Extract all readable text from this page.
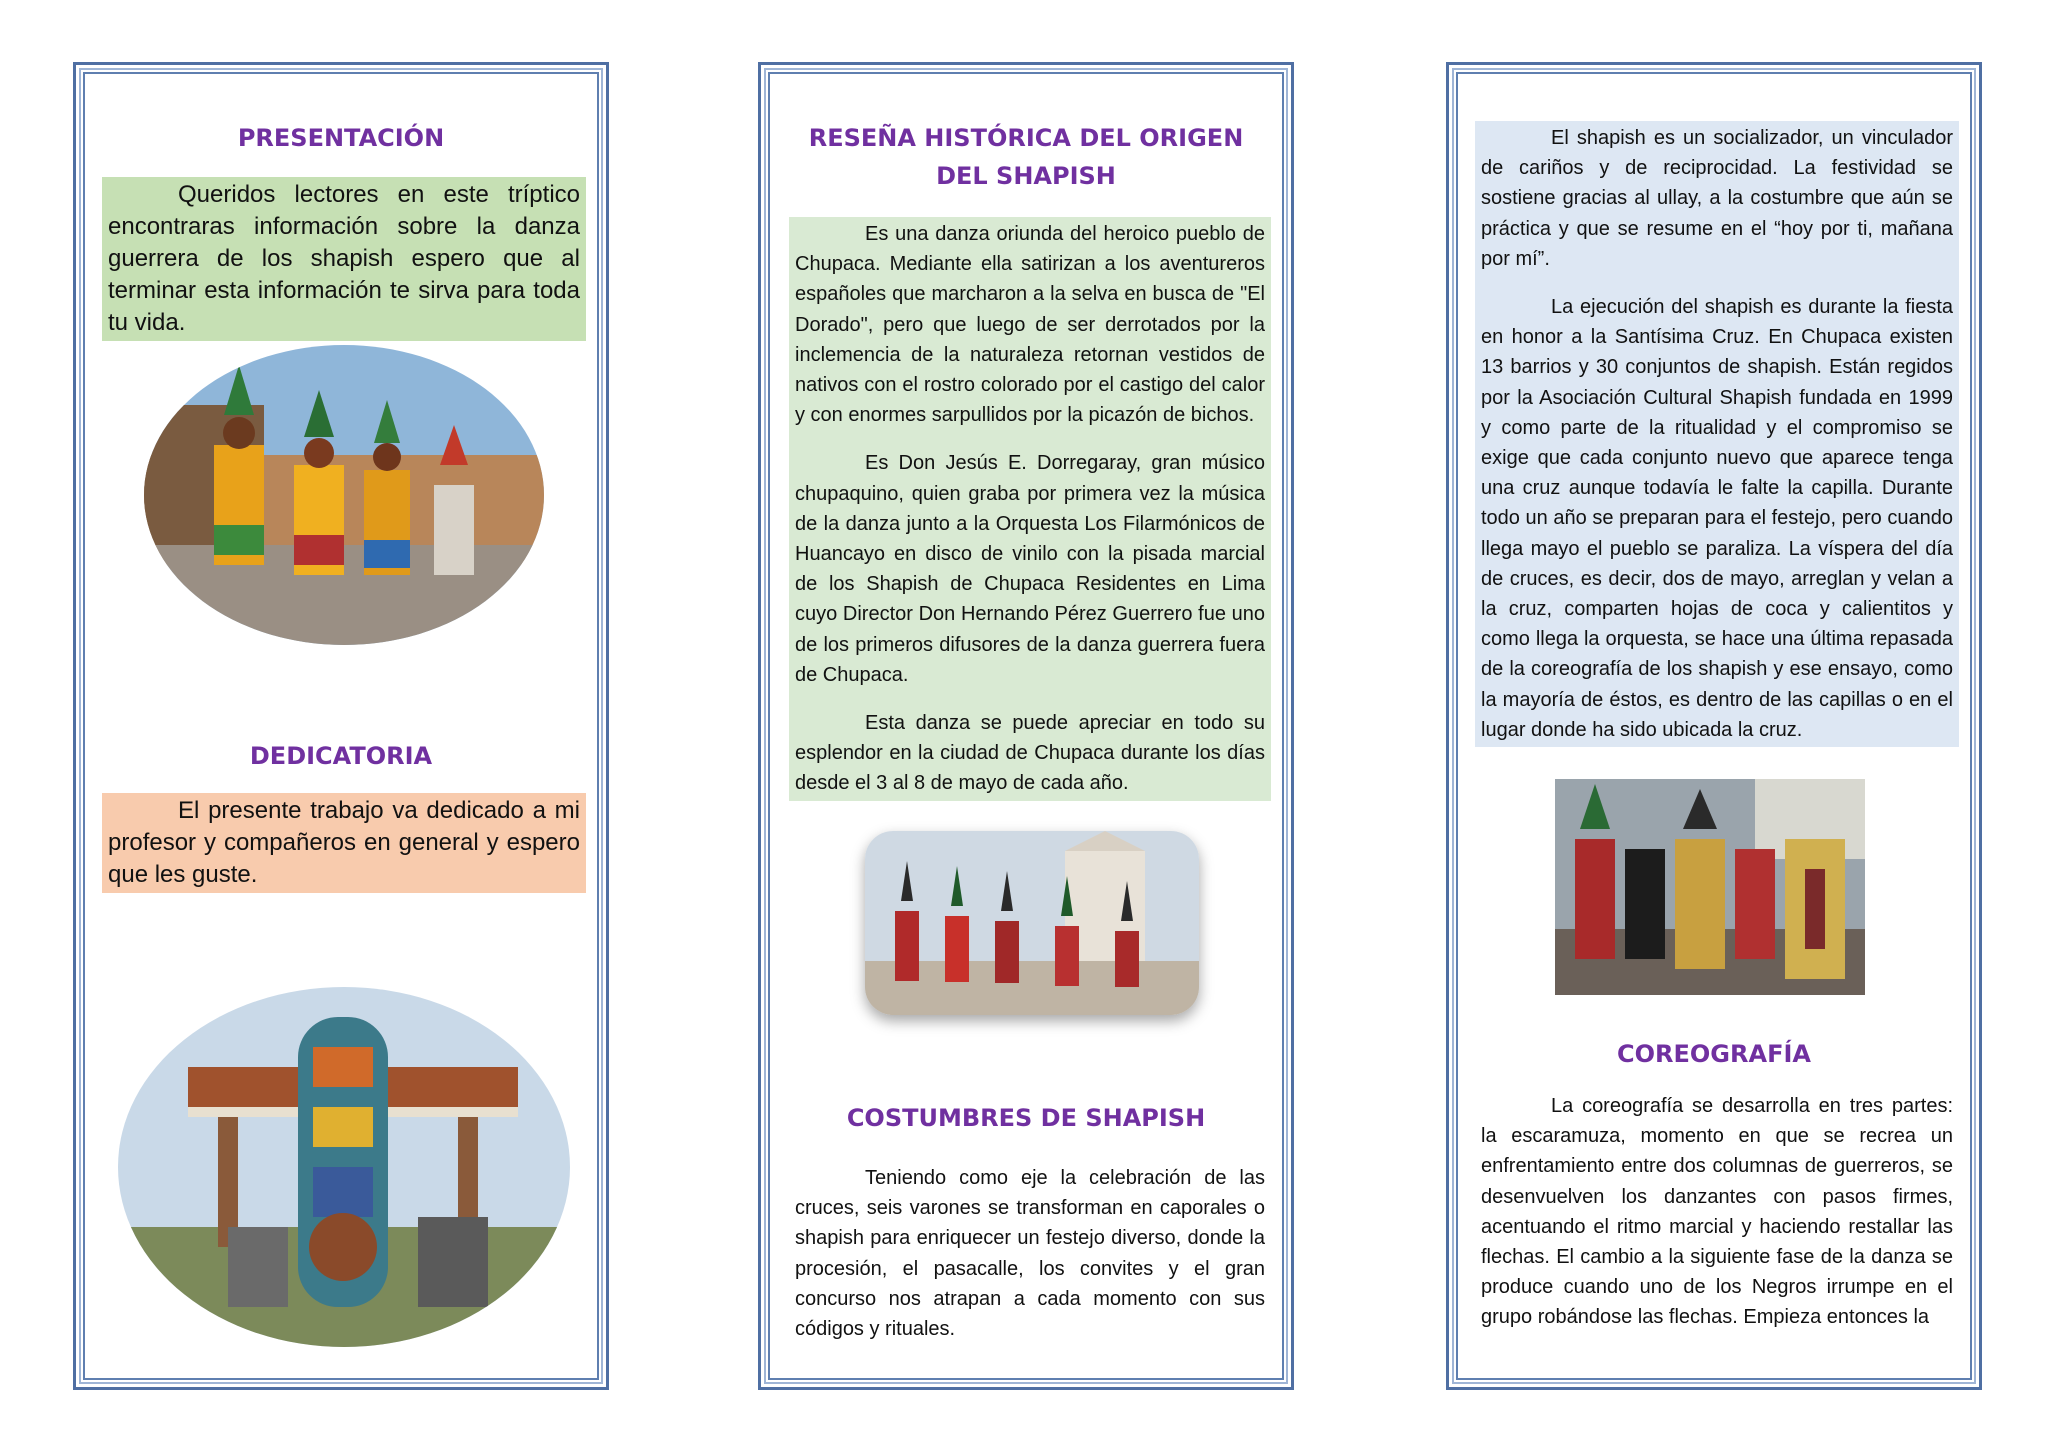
PRESENTACIÓN

Queridos lectores en este tríptico encontraras información sobre la danza guerrera de los shapish espero que al terminar esta información te sirva para toda tu vida.

DEDICATORIA

El presente trabajo va dedicado a mi profesor y compañeros en general y espero que les guste.

RESEÑA HISTÓRICA DEL ORIGEN DEL SHAPISH

Es una danza oriunda del heroico pueblo de Chupaca. Mediante ella satirizan a los aventureros españoles que marcharon a la selva en busca de "El Dorado", pero que luego de ser derrotados por la inclemencia de la naturaleza retornan vestidos de nativos con el rostro colorado por el castigo del calor y con enormes sarpullidos por la picazón de bichos.

Es Don Jesús E. Dorregaray, gran músico chupaquino, quien graba por primera vez la música de la danza junto a la Orquesta Los Filarmónicos de Huancayo en disco de vinilo con la pisada marcial de los Shapish de Chupaca Residentes en Lima cuyo Director Don Hernando Pérez Guerrero fue uno de los primeros difusores de la danza guerrera fuera de Chupaca.

Esta danza se puede apreciar en todo su esplendor en la ciudad de Chupaca durante los días desde el 3 al 8 de mayo de cada año.

COSTUMBRES DE SHAPISH

Teniendo como eje la celebración de las cruces, seis varones se transforman en caporales o shapish para enriquecer un festejo diverso, donde la procesión, el pasacalle, los convites y el gran concurso nos atrapan a cada momento con sus códigos y rituales.

El shapish es un socializador, un vinculador de cariños y de reciprocidad. La festividad se sostiene gracias al ullay, a la costumbre que aún se práctica y que se resume en el “hoy por ti, mañana por mí”.

La ejecución del shapish es durante la fiesta en honor a la Santísima Cruz. En Chupaca existen 13 barrios y 30 conjuntos de shapish. Están regidos por la Asociación Cultural Shapish fundada en 1999 y como parte de la ritualidad y el compromiso se exige que cada conjunto nuevo que aparece tenga una cruz aunque todavía le falte la capilla. Durante todo un año se preparan para el festejo, pero cuando llega mayo el pueblo se paraliza. La víspera del día de cruces, es decir, dos de mayo, arreglan y velan a la cruz, comparten hojas de coca y calientitos y como llega la orquesta, se hace una última repasada de la coreografía de los shapish y ese ensayo, como la mayoría de éstos, es dentro de las capillas o en el lugar donde ha sido ubicada la cruz.

COREOGRAFÍA

La coreografía se desarrolla en tres partes: la escaramuza, momento en que se recrea un enfrentamiento entre dos columnas de guerreros, se desenvuelven los danzantes con pasos firmes, acentuando el ritmo marcial y haciendo restallar las flechas. El cambio a la siguiente fase de la danza se produce cuando uno de los Negros irrumpe en el grupo robándose las flechas. Empieza entonces la
